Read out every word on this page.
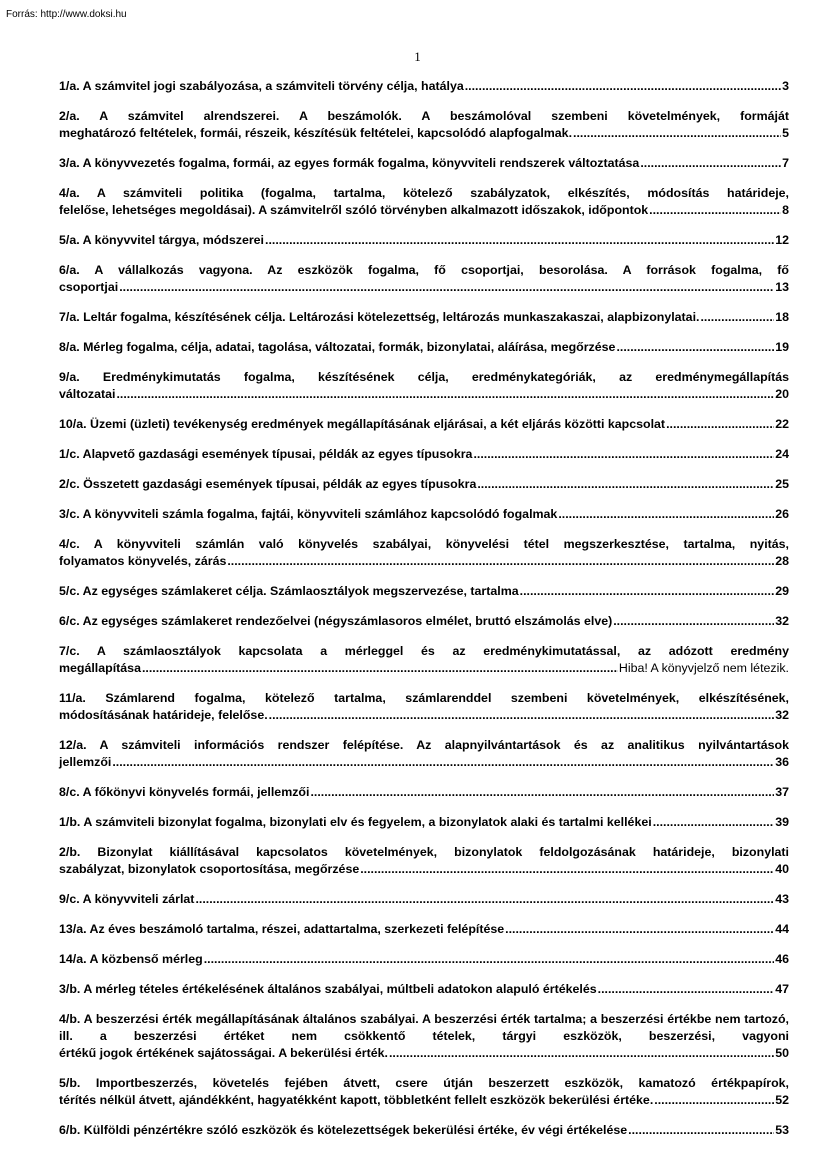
Forrás: http://www.doksi.hu
1
1/a. A számvitel jogi szabályozása, a számviteli törvény célja, hatálya .....	3
2/a. A számvitel alrendszerei. A beszámolók. A beszámolóval szembeni követelmények, formáját
meghatározó feltételek, formái, részeik, készítésük feltételei, kapcsolódó alapfogalmak. .....	5
3/a. A könyvvezetés fogalma, formái, az egyes formák fogalma, könyvviteli rendszerek változtatása .....	7
4/a. A számviteli politika (fogalma, tartalma, kötelező szabályzatok, elkészítés, módosítás határideje,
felelőse, lehetséges megoldásai). A számvitelről szóló törvényben alkalmazott időszakok, időpontok .....	8
5/a. A könyvvitel tárgya, módszerei .....	12
6/a. A vállalkozás vagyona. Az eszközök fogalma, fő csoportjai, besorolása. A források fogalma, fő
csoportjai .....	13
7/a. Leltár fogalma, készítésének célja. Leltározási kötelezettség, leltározás munkaszakaszai, alapbizonylatai. .....	18
8/a. Mérleg fogalma, célja, adatai, tagolása, változatai, formák, bizonylatai, aláírása, megőrzése .....	19
9/a. Eredménykimutatás fogalma, készítésének célja, eredménykategóriák, az eredménymegállapítás
változatai .....	20
10/a. Üzemi (üzleti) tevékenység eredmények megállapításának eljárásai, a két eljárás közötti kapcsolat .....	22
1/c. Alapvető gazdasági események típusai, példák az egyes típusokra .....	24
2/c. Összetett gazdasági események típusai, példák az egyes típusokra .....	25
3/c. A könyvviteli számla fogalma, fajtái, könyvviteli számlához kapcsolódó fogalmak .....	26
4/c. A könyvviteli számlán való könyvelés szabályai, könyvelési tétel megszerkesztése, tartalma, nyitás,
folyamatos könyvelés, zárás .....	28
5/c. Az egységes számlakeret célja. Számlaosztályok megszervezése, tartalma .....	29
6/c. Az egységes számlakeret rendezőelvei (négyszámlasoros elmélet, bruttó elszámolás elve) .....	32
7/c. A számlaosztályok kapcsolata a mérleggel és az eredménykimutatással, az adózott eredmény
megállapítása .....	Hiba! A könyvjelző nem létezik.
11/a. Számlarend fogalma, kötelező tartalma, számlarenddel szembeni követelmények, elkészítésének,
módosításának határideje, felelőse. .....	32
12/a. A számviteli információs rendszer felépítése. Az alapnyilvántartások és az analitikus nyilvántartások
jellemzői .....	36
8/c. A főkönyvi könyvelés formái, jellemzői .....	37
1/b. A számviteli bizonylat fogalma, bizonylati elv és fegyelem, a bizonylatok alaki és tartalmi kellékei .....	39
2/b. Bizonylat kiállításával kapcsolatos követelmények, bizonylatok feldolgozásának határideje, bizonylati
szabályzat, bizonylatok csoportosítása, megőrzése .....	40
9/c. A könyvviteli zárlat .....	43
13/a. Az éves beszámoló tartalma, részei, adattartalma, szerkezeti felépítése .....	44
14/a. A közbenső mérleg .....	46
3/b. A mérleg tételes értékelésének általános szabályai, múltbeli adatokon alapuló értékelés .....	47
4/b. A beszerzési érték megállapításának általános szabályai. A beszerzési érték tartalma; a beszerzési értékbe nem tartozó, ill. a beszerzési értéket nem csökkentő tételek, tárgyi eszközök, beszerzési, vagyoni
értékű jogok értékének sajátosságai. A bekerülési érték. .....	50
5/b. Importbeszerzés, követelés fejében átvett, csere útján beszerzett eszközök, kamatozó értékpapírok,
térítés nélkül átvett, ajándékként, hagyatékként kapott, többletként fellelt eszközök bekerülési értéke. .....	52
6/b. Külföldi pénzértékre szóló eszközök és kötelezettségek bekerülési értéke, év végi értékelése .....	53
